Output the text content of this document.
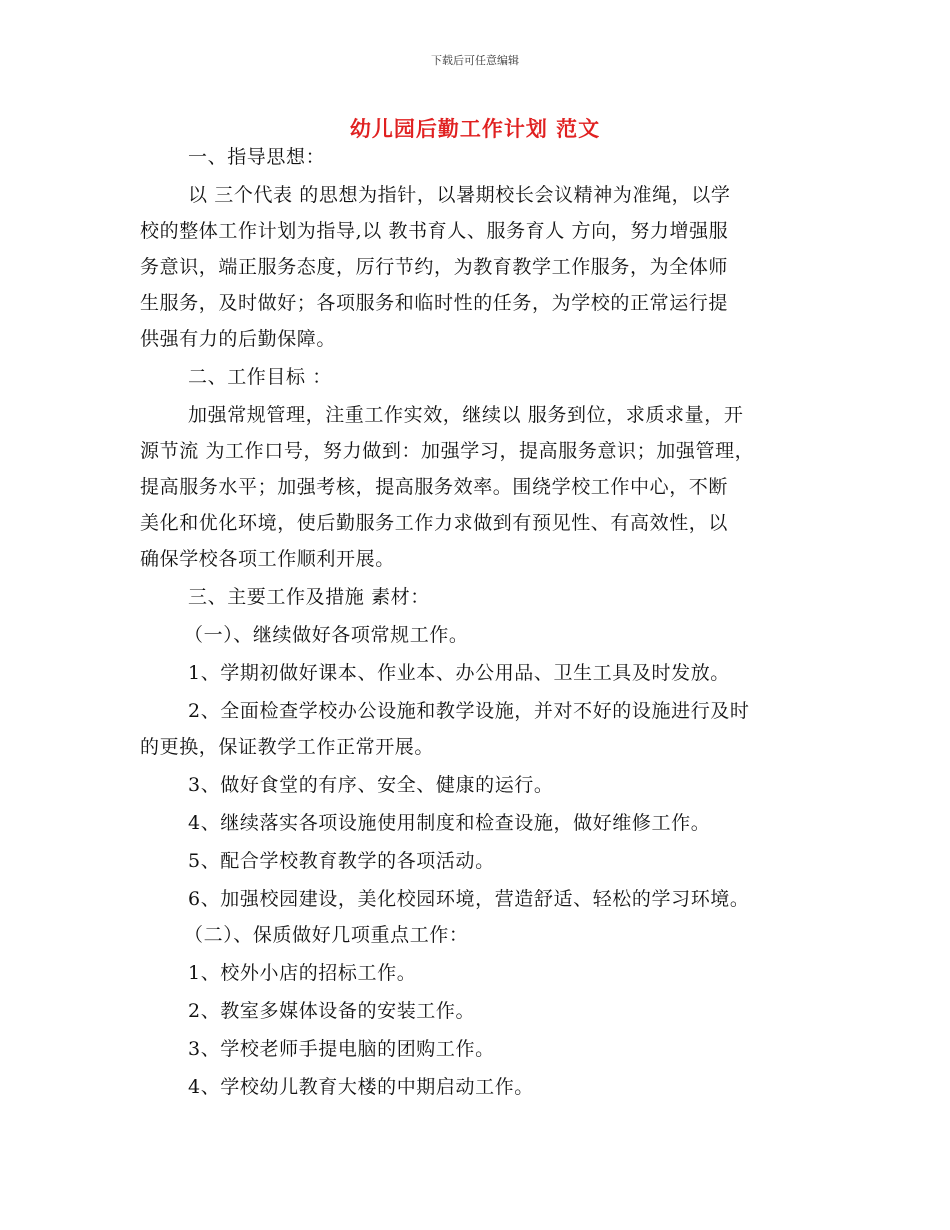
下载后可任意编辑
幼儿园后勤工作计划 范文
一、指导思想：
以 三个代表 的思想为指针，以暑期校长会议精神为准绳，以学
校的整体工作计划为指导,以 教书育人、服务育人 方向，努力增强服
务意识，端正服务态度，厉行节约，为教育教学工作服务，为全体师
生服务，及时做好；各项服务和临时性的任务，为学校的正常运行提
供强有力的后勤保障。
二、工作目标 ：
加强常规管理，注重工作实效，继续以 服务到位，求质求量，开
源节流 为工作口号，努力做到：加强学习，提高服务意识；加强管理，
提高服务水平；加强考核，提高服务效率。围绕学校工作中心，不断
美化和优化环境，使后勤服务工作力求做到有预见性、有高效性，以
确保学校各项工作顺利开展。
三、主要工作及措施 素材：
（一）、继续做好各项常规工作。
1、学期初做好课本、作业本、办公用品、卫生工具及时发放。
2、全面检查学校办公设施和教学设施，并对不好的设施进行及时
的更换，保证教学工作正常开展。
3、做好食堂的有序、安全、健康的运行。
4、继续落实各项设施使用制度和检查设施，做好维修工作。
5、配合学校教育教学的各项活动。
6、加强校园建设，美化校园环境，营造舒适、轻松的学习环境。
（二）、保质做好几项重点工作：
1、校外小店的招标工作。
2、教室多媒体设备的安装工作。
3、学校老师手提电脑的团购工作。
4、学校幼儿教育大楼的中期启动工作。
